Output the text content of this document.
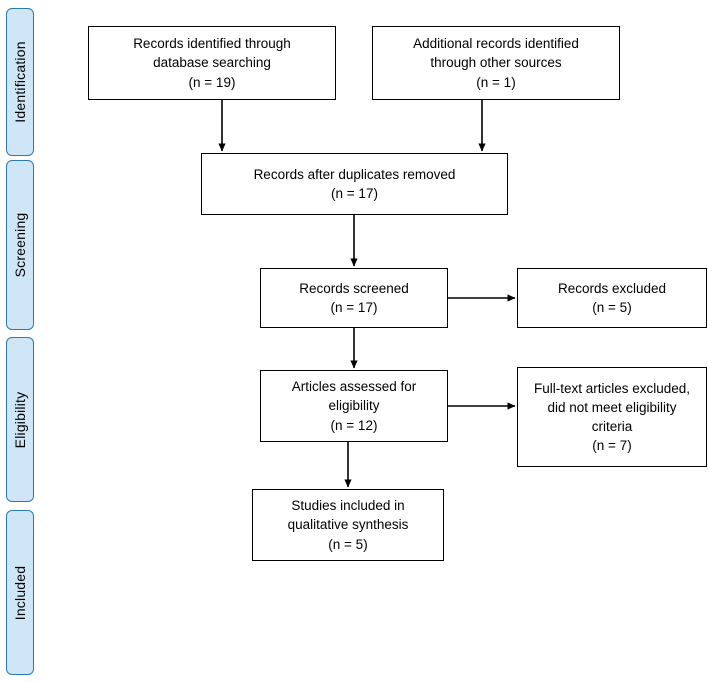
Identification
Screening
Eligibility
Included
Records identified through
database searching
(n = 19)
Additional records identified
through other sources
(n = 1)
Records after duplicates removed
(n = 17)
Records screened
(n = 17)
Records excluded
(n = 5)
Articles assessed for
eligibility
(n = 12)
Full-text articles excluded,
did not meet eligibility
criteria
(n = 7)
Studies included in
qualitative synthesis
(n = 5)
